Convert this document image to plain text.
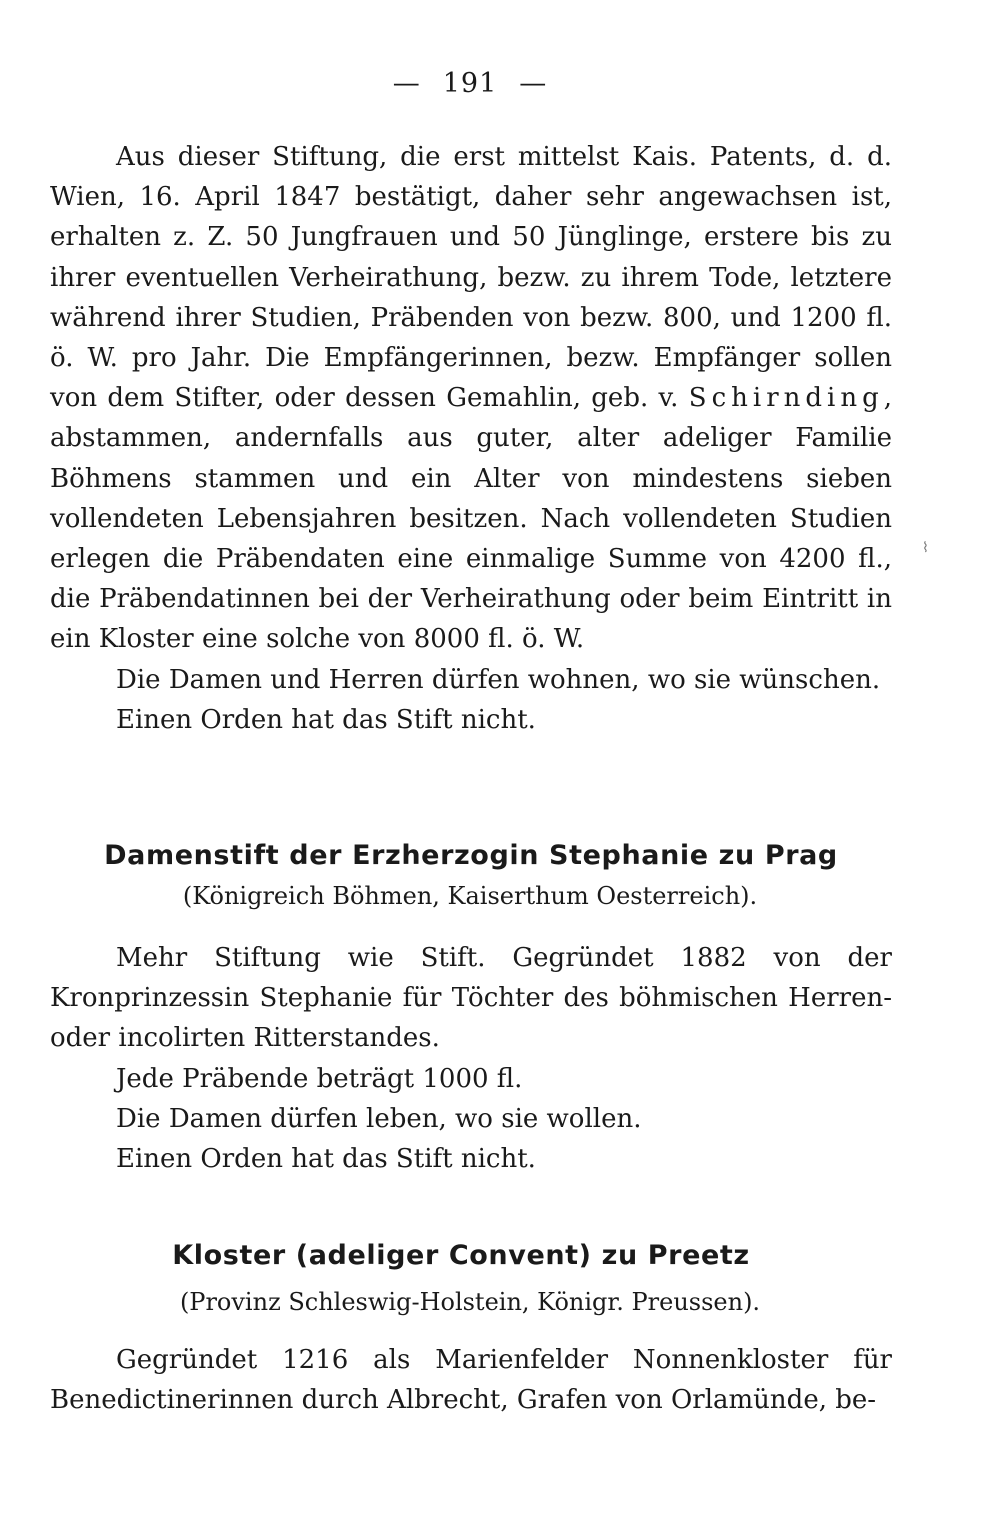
— 191 —

Aus dieser Stiftung, die erst mittelst Kais. Patents, d. d. Wien, 16. April 1847 bestätigt, daher sehr angewachsen ist, erhalten z. Z. 50 Jungfrauen und 50 Jünglinge, erstere bis zu ihrer eventuellen Verheirathung, bezw. zu ihrem Tode, letztere während ihrer Studien, Präbenden von bezw. 800, und 1200 fl. ö. W. pro Jahr. Die Empfängerinnen, bezw. Empfänger sollen von dem Stifter, oder dessen Gemahlin, geb. v. Schirnding, abstammen, andernfalls aus guter, alter adeliger Familie Böhmens stammen und ein Alter von mindestens sieben vollendeten Lebensjahren besitzen. Nach vollendeten Studien erlegen die Präbendaten eine einmalige Summe von 4200 fl., die Präbendatinnen bei der Verheirathung oder beim Eintritt in ein Kloster eine solche von 8000 fl. ö. W.

Die Damen und Herren dürfen wohnen, wo sie wünschen.

Einen Orden hat das Stift nicht.

⌇
Damenstift der Erzherzogin Stephanie zu Prag
(Königreich Böhmen, Kaiserthum Oesterreich).

Mehr Stiftung wie Stift. Gegründet 1882 von der Kronprinzessin Stephanie für Töchter des böhmischen Herren- oder incolirten Ritterstandes.

Jede Präbende beträgt 1000 fl.

Die Damen dürfen leben, wo sie wollen.

Einen Orden hat das Stift nicht.

Kloster (adeliger Convent) zu Preetz
(Provinz Schleswig-Holstein, Königr. Preussen).

Gegründet 1216 als Marienfelder Nonnenkloster für Benedictinerinnen durch Albrecht, Grafen von Orlamünde, be-
